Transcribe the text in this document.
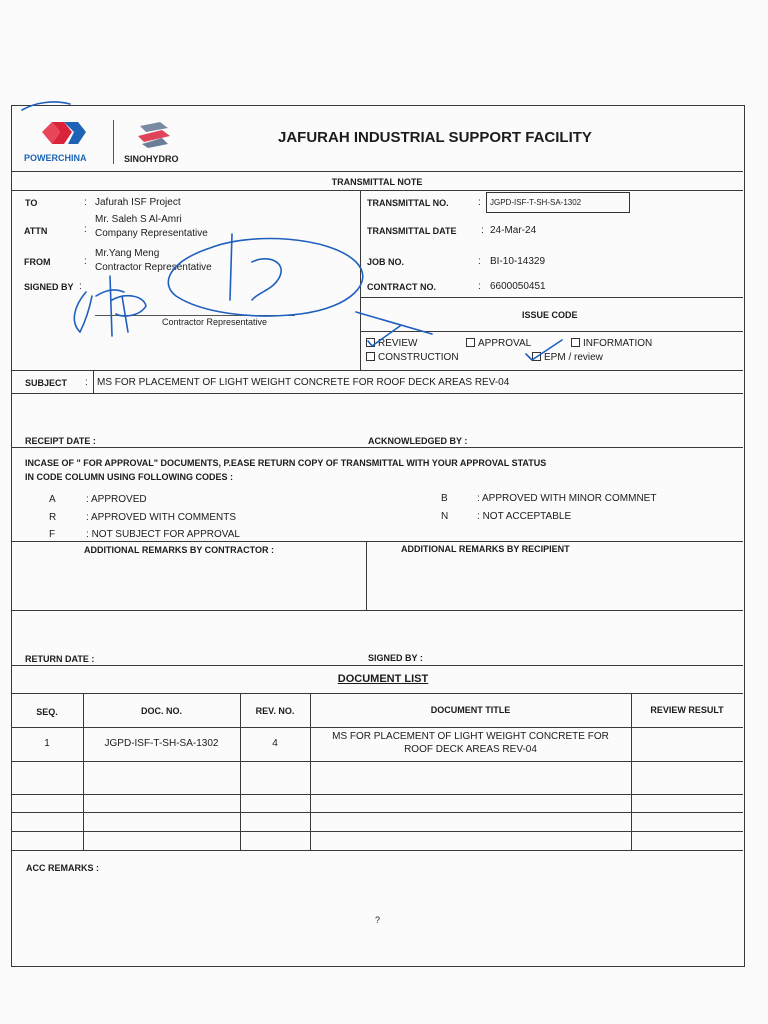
POWERCHINA	SINOHYDRO
JAFURAH INDUSTRIAL SUPPORT FACILITY
TRANSMITTAL NOTE
TO	: Jafurah ISF Project
ATTN	:
Mr. Saleh S Al-Amri
Company Representative
FROM	:
Mr.Yang Meng
Contractor Representative
SIGNED BY :
Contractor Representative
TRANSMITTAL NO.	: JGPD-ISF-T-SH-SA-1302
TRANSMITTAL DATE : 24-Mar-24
JOB NO.	: BI-10-14329
CONTRACT NO.	: 6600050451
ISSUE CODE
REVIEW	APPROVAL	INFORMATION
CONSTRUCTION	EPM / review
SUBJECT : MS FOR PLACEMENT OF LIGHT WEIGHT CONCRETE FOR ROOF DECK AREAS REV-04
RECEIPT DATE :	ACKNOWLEDGED BY :
INCASE OF " FOR APPROVAL" DOCUMENTS, P.EASE RETURN COPY OF TRANSMITTAL WITH YOUR APPROVAL STATUS
IN CODE COLUMN USING FOLLOWING CODES :
A	: APPROVED
R	: APPROVED WITH COMMENTS
F	: NOT SUBJECT FOR APPROVAL
B	: APPROVED WITH MINOR COMMNET
N	: NOT ACCEPTABLE
ADDITIONAL REMARKS BY CONTRACTOR :	ADDITIONAL REMARKS BY RECIPIENT
RETURN DATE :	SIGNED BY :
DOCUMENT LIST
SEQ.	DOC. NO.	REV. NO.	DOCUMENT TITLE	REVIEW RESULT
1	JGPD-ISF-T-SH-SA-1302	4
MS FOR PLACEMENT OF LIGHT WEIGHT CONCRETE FOR
ROOF DECK AREAS REV-04
ACC REMARKS :
?
